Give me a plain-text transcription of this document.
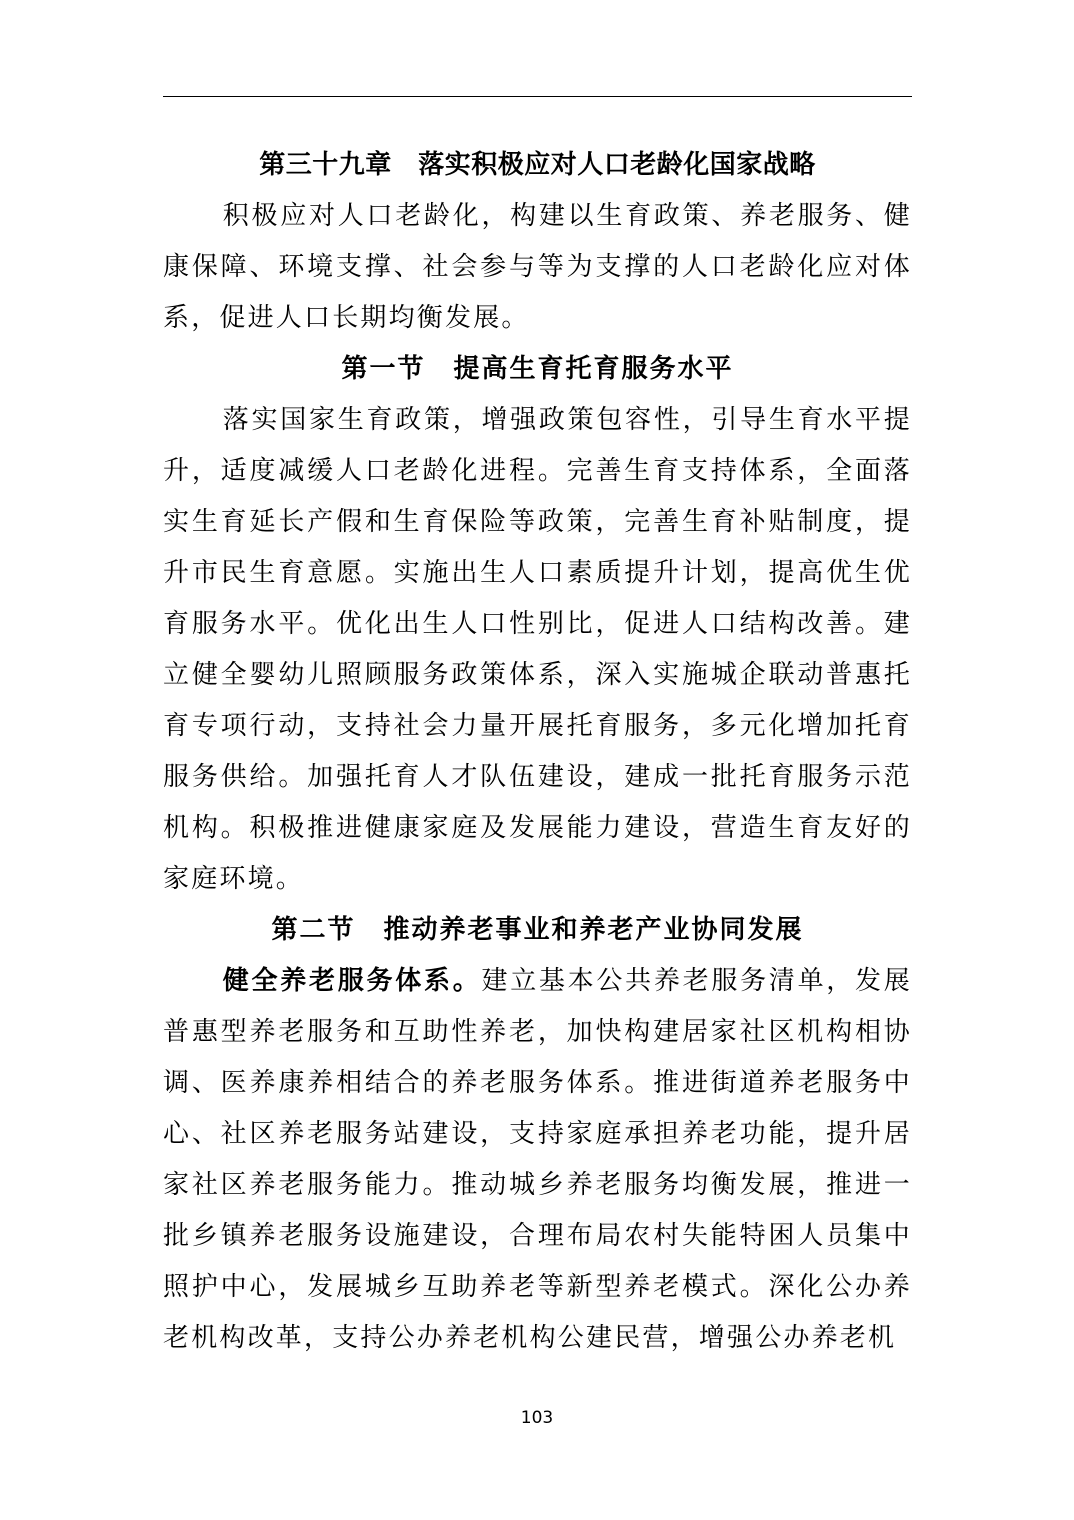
第三十九章　落实积极应对人口老龄化国家战略

积极应对人口老龄化，构建以生育政策、养老服务、健康保障、环境支撑、社会参与等为支撑的人口老龄化应对体系，促进人口长期均衡发展。

第一节　提高生育托育服务水平

落实国家生育政策，增强政策包容性，引导生育水平提升，适度减缓人口老龄化进程。完善生育支持体系，全面落实生育延长产假和生育保险等政策，完善生育补贴制度，提升市民生育意愿。实施出生人口素质提升计划，提高优生优育服务水平。优化出生人口性别比，促进人口结构改善。建立健全婴幼儿照顾服务政策体系，深入实施城企联动普惠托育专项行动，支持社会力量开展托育服务，多元化增加托育服务供给。加强托育人才队伍建设，建成一批托育服务示范机构。积极推进健康家庭及发展能力建设，营造生育友好的家庭环境。

第二节　推动养老事业和养老产业协同发展

健全养老服务体系。建立基本公共养老服务清单，发展普惠型养老服务和互助性养老，加快构建居家社区机构相协调、医养康养相结合的养老服务体系。推进街道养老服务中心、社区养老服务站建设，支持家庭承担养老功能，提升居家社区养老服务能力。推动城乡养老服务均衡发展，推进一批乡镇养老服务设施建设，合理布局农村失能特困人员集中照护中心，发展城乡互助养老等新型养老模式。深化公办养老机构改革，支持公办养老机构公建民营，增强公办养老机

103
